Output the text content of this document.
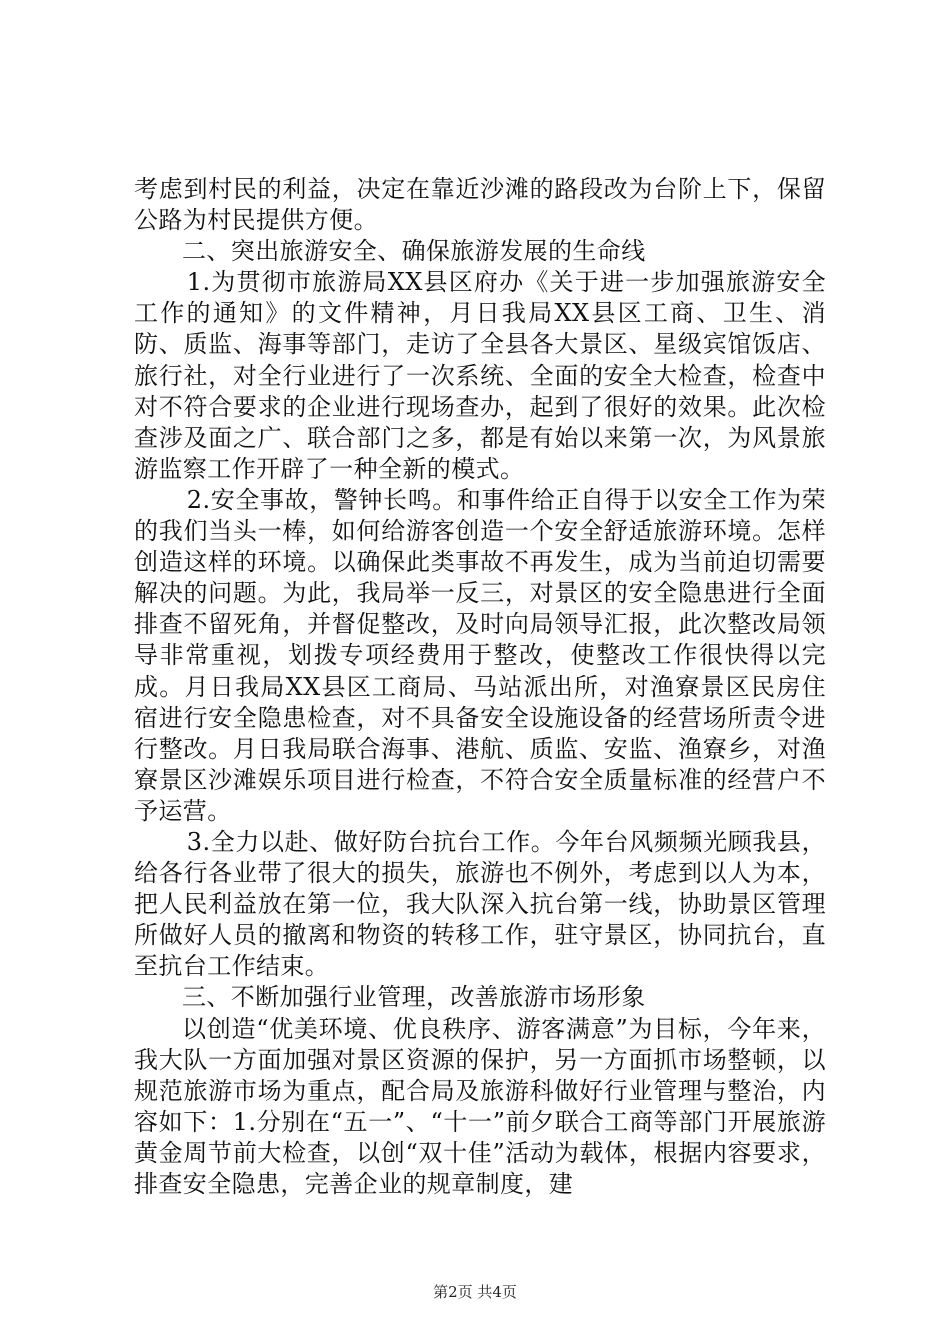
考虑到村民的利益，决定在靠近沙滩的路段改为台阶上下，保留公路为村民提供方便。

二、突出旅游安全、确保旅游发展的生命线

1.为贯彻市旅游局XX县区府办《关于进一步加强旅游安全工作的通知》的文件精神，月日我局XX县区工商、卫生、消防、质监、海事等部门，走访了全县各大景区、星级宾馆饭店、旅行社，对全行业进行了一次系统、全面的安全大检查，检查中对不符合要求的企业进行现场查办，起到了很好的效果。此次检查涉及面之广、联合部门之多，都是有始以来第一次，为风景旅游监察工作开辟了一种全新的模式。

2.安全事故，警钟长鸣。和事件给正自得于以安全工作为荣的我们当头一棒，如何给游客创造一个安全舒适旅游环境。怎样创造这样的环境。以确保此类事故不再发生，成为当前迫切需要解决的问题。为此，我局举一反三，对景区的安全隐患进行全面排查不留死角，并督促整改，及时向局领导汇报，此次整改局领导非常重视，划拨专项经费用于整改，使整改工作很快得以完成。月日我局XX县区工商局、马站派出所，对渔寮景区民房住宿进行安全隐患检查，对不具备安全设施设备的经营场所责令进行整改。月日我局联合海事、港航、质监、安监、渔寮乡，对渔寮景区沙滩娱乐项目进行检查，不符合安全质量标准的经营户不予运营。

3.全力以赴、做好防台抗台工作。今年台风频频光顾我县，给各行各业带了很大的损失，旅游也不例外，考虑到以人为本，把人民利益放在第一位，我大队深入抗台第一线，协助景区管理所做好人员的撤离和物资的转移工作，驻守景区，协同抗台，直至抗台工作结束。

三、不断加强行业管理，改善旅游市场形象

以创造“优美环境、优良秩序、游客满意”为目标，今年来，我大队一方面加强对景区资源的保护，另一方面抓市场整顿，以规范旅游市场为重点，配合局及旅游科做好行业管理与整治，内容如下：1.分别在“五一”、“十一”前夕联合工商等部门开展旅游黄金周节前大检查，以创“双十佳”活动为载体，根据内容要求，排查安全隐患，完善企业的规章制度，建

第2页 共4页
